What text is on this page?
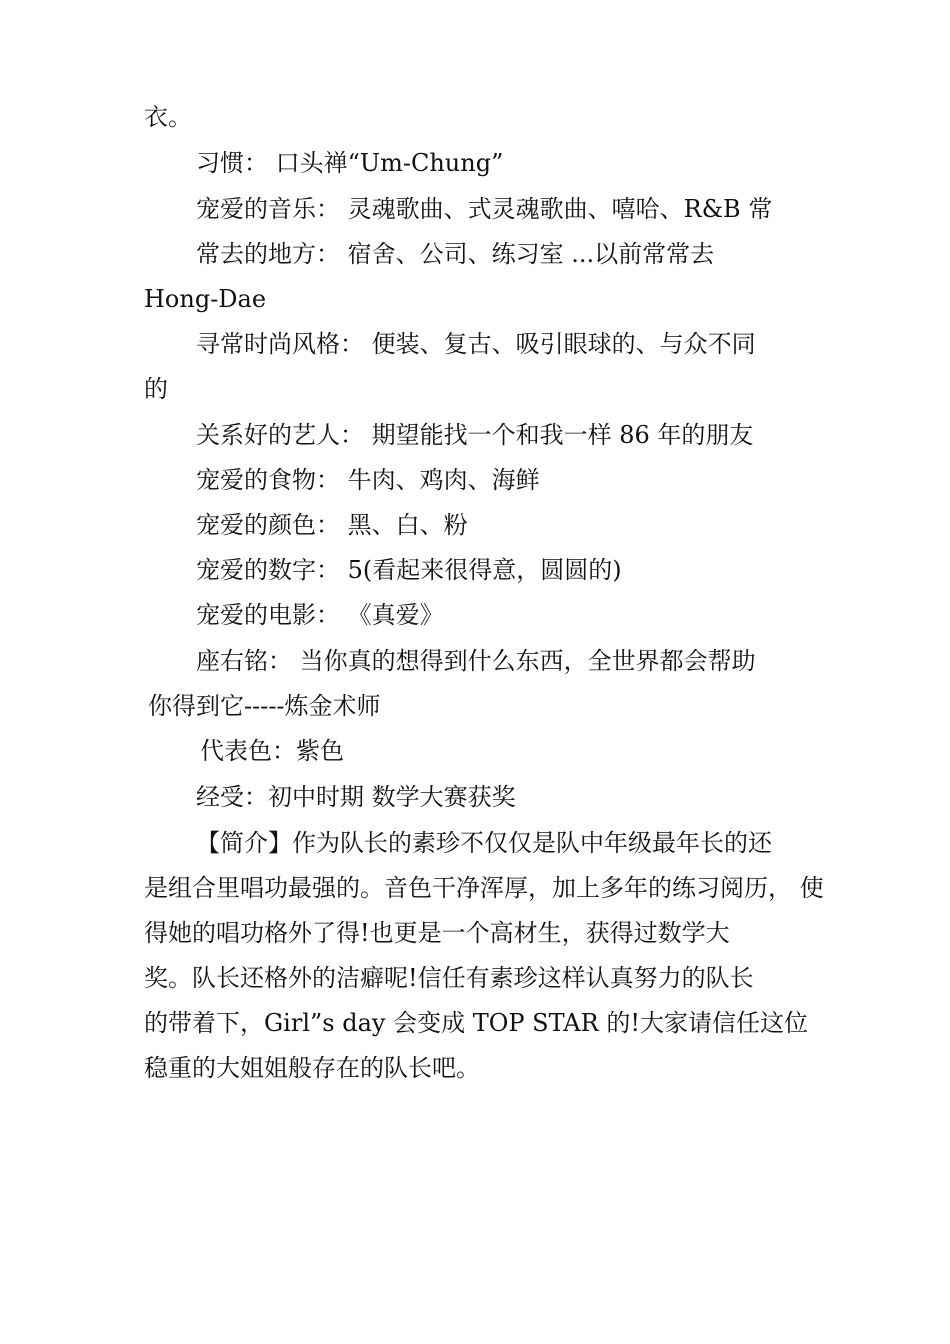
衣。
习惯： 口头禅“Um-Chung”
宠爱的音乐： 灵魂歌曲、式灵魂歌曲、嘻哈、R&B 常
常去的地方： 宿舍、公司、练习室 ...以前常常去
Hong-Dae
寻常时尚风格： 便装、复古、吸引眼球的、与众不同
的
关系好的艺人： 期望能找一个和我一样 86 年的朋友
宠爱的食物： 牛肉、鸡肉、海鲜
宠爱的颜色： 黑、白、粉
宠爱的数字： 5(看起来很得意，圆圆的)
宠爱的电影： 《真爱》
座右铭： 当你真的想得到什么东西，全世界都会帮助
你得到它-----炼金术师
代表色：紫色
经受：初中时期 数学大赛获奖
【简介】作为队长的素珍不仅仅是队中年级最年长的还
是组合里唱功最强的。音色干净浑厚，加上多年的练习阅历， 使
得她的唱功格外了得!也更是一个高材生，获得过数学大
奖。队长还格外的洁癖呢!信任有素珍这样认真努力的队长
的带着下，Girl”s day 会变成 TOP STAR 的!大家请信任这位
稳重的大姐姐般存在的队长吧。
